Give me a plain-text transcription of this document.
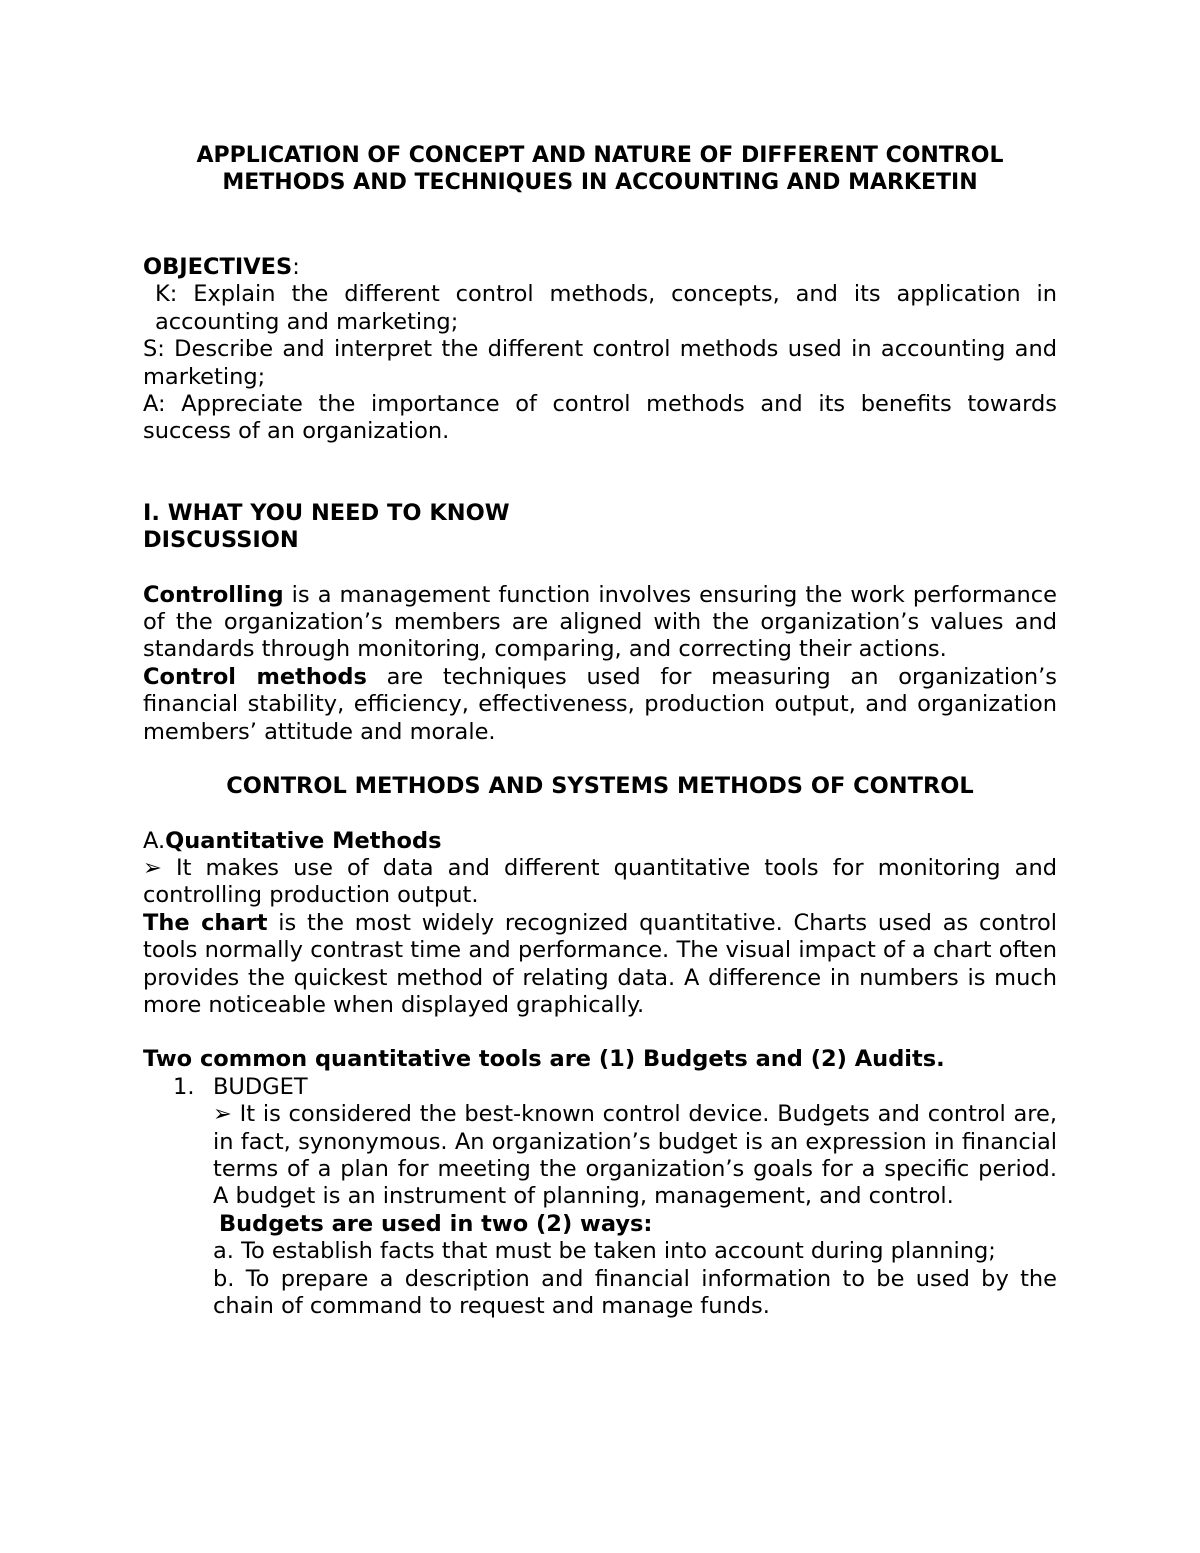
APPLICATION OF CONCEPT AND NATURE OF DIFFERENT CONTROL

METHODS AND TECHNIQUES IN ACCOUNTING AND MARKETIN

OBJECTIVES:

K: Explain the different control methods, concepts, and its application in accounting and marketing;

S: Describe and interpret the different control methods used in accounting and marketing;

A: Appreciate the importance of control methods and its benefits towards success of an organization.

I. WHAT YOU NEED TO KNOW

DISCUSSION

Controlling is a management function involves ensuring the work performance of the organization’s members are aligned with the organization’s values and standards through monitoring, comparing, and correcting their actions.

Control methods are techniques used for measuring an organization’s financial stability, efficiency, effectiveness, production output, and organization members’ attitude and morale.

CONTROL METHODS AND SYSTEMS METHODS OF CONTROL

A.Quantitative Methods

➢ It makes use of data and different quantitative tools for monitoring and controlling production output.

The chart is the most widely recognized quantitative. Charts used as control tools normally contrast time and performance. The visual impact of a chart often provides the quickest method of relating data. A difference in numbers is much more noticeable when displayed graphically.

Two common quantitative tools are (1) Budgets and (2) Audits.

1. BUDGET

➢ It is considered the best-known control device. Budgets and control are, in fact, synonymous. An organization’s budget is an expression in financial terms of a plan for meeting the organization’s goals for a specific period. A budget is an instrument of planning, management, and control.

Budgets are used in two (2) ways:

a. To establish facts that must be taken into account during planning;

b. To prepare a description and financial information to be used by the chain of command to request and manage funds.
